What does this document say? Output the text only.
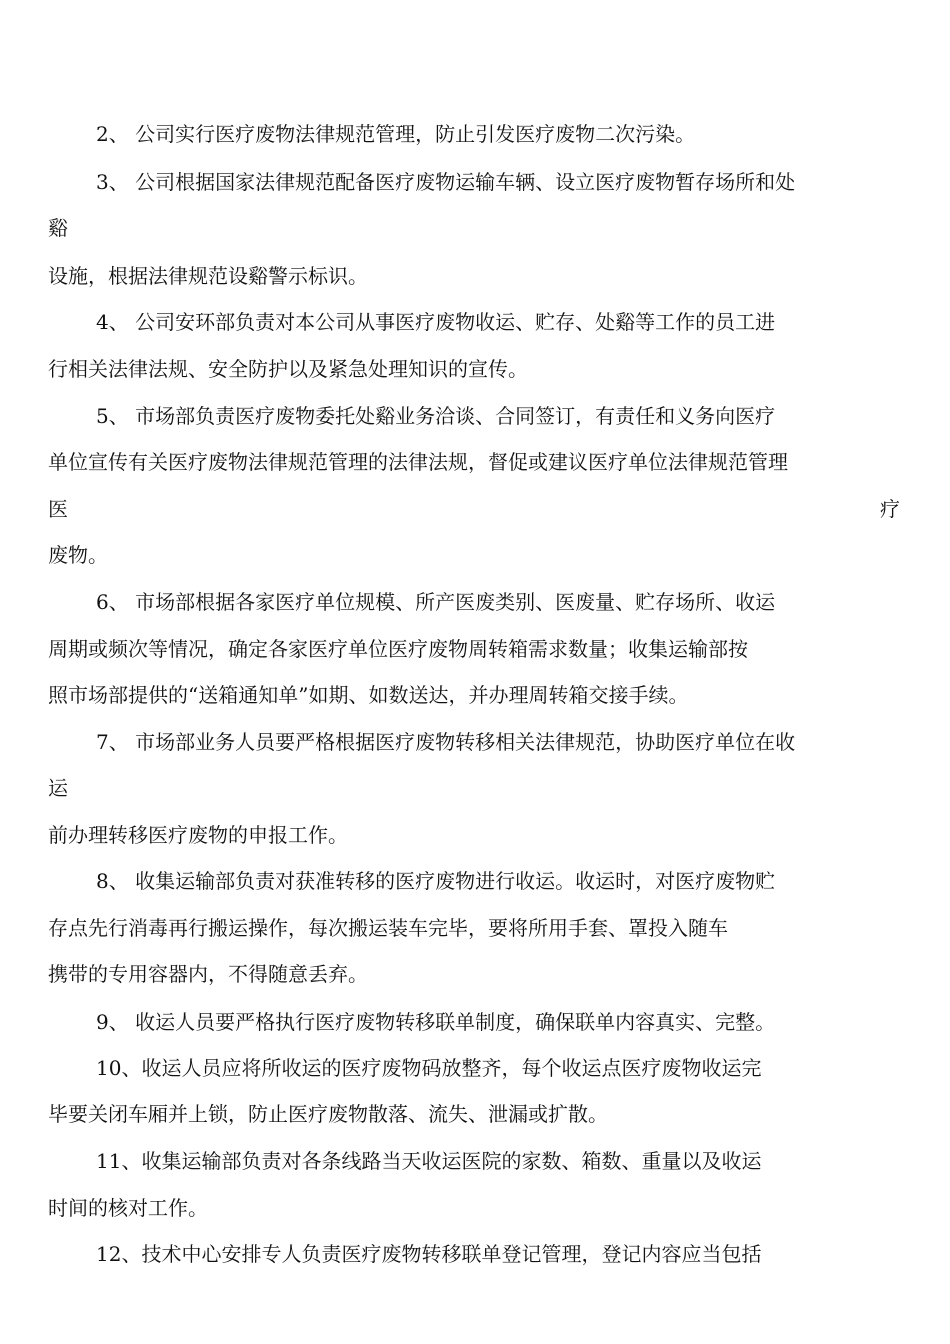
2、 公司实行医疗废物法律规范管理，防止引发医疗废物二次污染。
3、 公司根据国家法律规范配备医疗废物运输车辆、设立医疗废物暂存场所和处
谿
设施，根据法律规范设谿警示标识。
4、 公司安环部负责对本公司从事医疗废物收运、贮存、处谿等工作的员工进
行相关法律法规、安全防护以及紧急处理知识的宣传。
5、 市场部负责医疗废物委托处谿业务洽谈、合同签订，有责任和义务向医疗
单位宣传有关医疗废物法律规范管理的法律法规，督促或建议医疗单位法律规范管理
医	疗
废物。
6、 市场部根据各家医疗单位规模、所产医废类别、医废量、贮存场所、收运
周期或频次等情况，确定各家医疗单位医疗废物周转箱需求数量；收集运输部按
照市场部提供的“送箱通知单”如期、如数送达，并办理周转箱交接手续。
7、 市场部业务人员要严格根据医疗废物转移相关法律规范，协助医疗单位在收
运
前办理转移医疗废物的申报工作。
8、 收集运输部负责对获准转移的医疗废物进行收运。收运时，对医疗废物贮
存点先行消毒再行搬运操作，每次搬运装车完毕，要将所用手套、罩投入随车
携带的专用容器内，不得随意丢弃。
9、 收运人员要严格执行医疗废物转移联单制度，确保联单内容真实、完整。
10、收运人员应将所收运的医疗废物码放整齐，每个收运点医疗废物收运完
毕要关闭车厢并上锁，防止医疗废物散落、流失、泄漏或扩散。
11、收集运输部负责对各条线路当天收运医院的家数、箱数、重量以及收运
时间的核对工作。
12、技术中心安排专人负责医疗废物转移联单登记管理，登记内容应当包括
